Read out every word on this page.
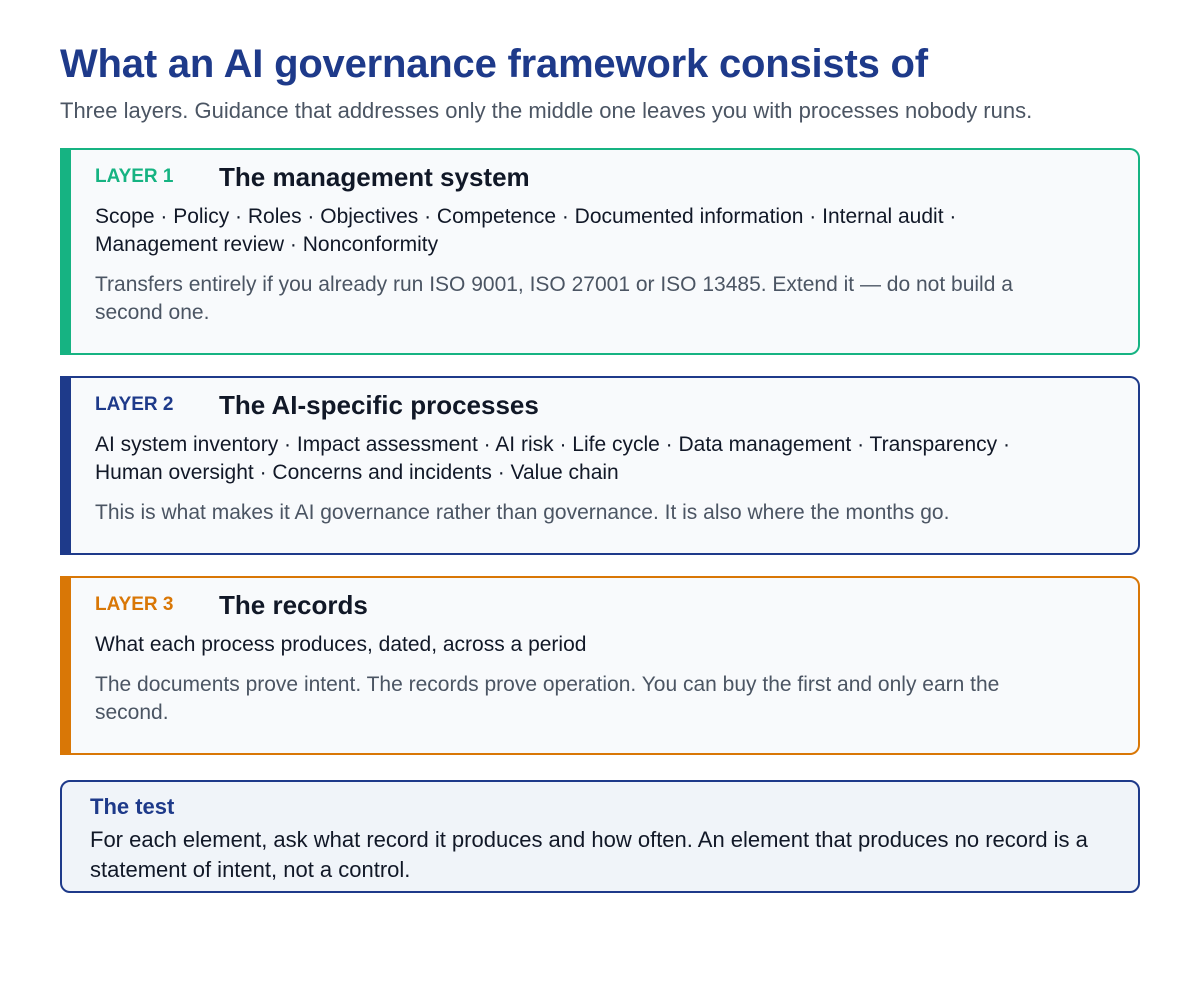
What an AI governance framework consists of
Three layers. Guidance that addresses only the middle one leaves you with processes nobody runs.
LAYER 1 The management system
Scope · Policy · Roles · Objectives · Competence · Documented information · Internal audit · Management review · Nonconformity
Transfers entirely if you already run ISO 9001, ISO 27001 or ISO 13485. Extend it — do not build a second one.
LAYER 2 The AI-specific processes
AI system inventory · Impact assessment · AI risk · Life cycle · Data management · Transparency · Human oversight · Concerns and incidents · Value chain
This is what makes it AI governance rather than governance. It is also where the months go.
LAYER 3 The records
What each process produces, dated, across a period
The documents prove intent. The records prove operation. You can buy the first and only earn the second.
The test
For each element, ask what record it produces and how often. An element that produces no record is a statement of intent, not a control.
